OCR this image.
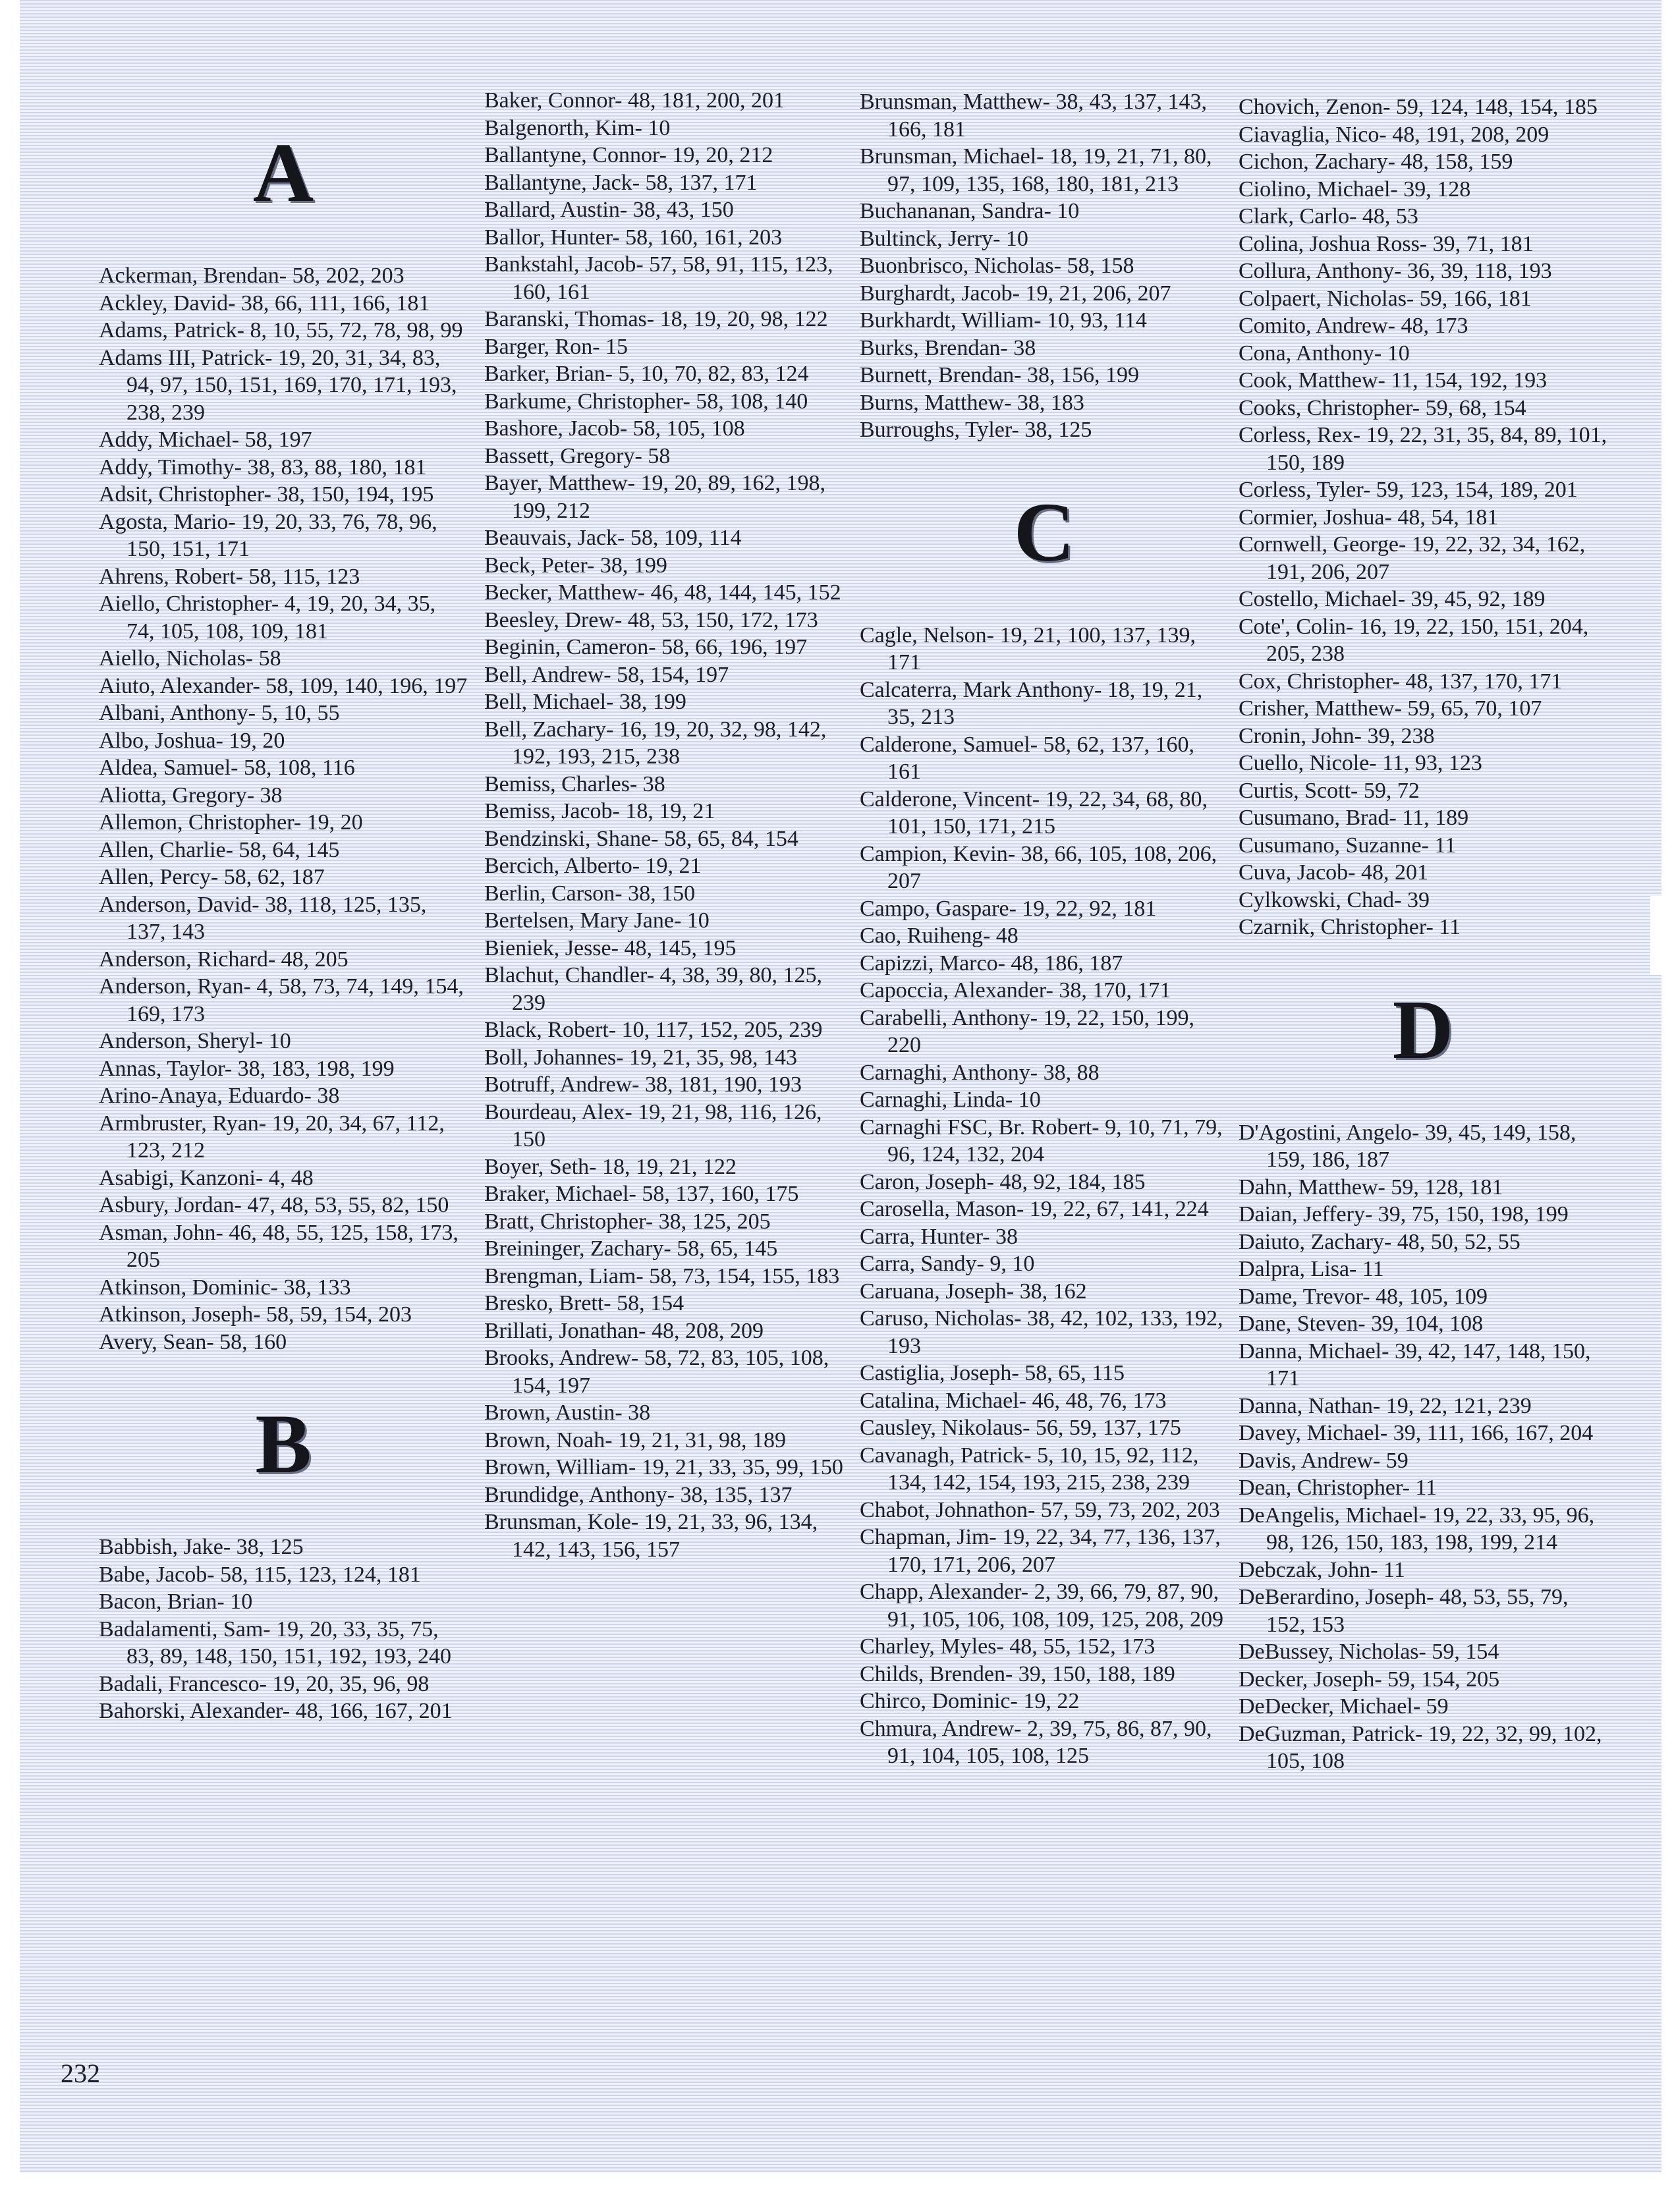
A
Ackerman, Brendan- 58, 202, 203
Ackley, David- 38, 66, 111, 166, 181
Adams, Patrick- 8, 10, 55, 72, 78, 98, 99
Adams III, Patrick- 19, 20, 31, 34, 83, 94, 97, 150, 151, 169, 170, 171, 193, 238, 239
Addy, Michael- 58, 197
Addy, Timothy- 38, 83, 88, 180, 181
Adsit, Christopher- 38, 150, 194, 195
Agosta, Mario- 19, 20, 33, 76, 78, 96, 150, 151, 171
Ahrens, Robert- 58, 115, 123
Aiello, Christopher- 4, 19, 20, 34, 35, 74, 105, 108, 109, 181
Aiello, Nicholas- 58
Aiuto, Alexander- 58, 109, 140, 196, 197
Albani, Anthony- 5, 10, 55
Albo, Joshua- 19, 20
Aldea, Samuel- 58, 108, 116
Aliotta, Gregory- 38
Allemon, Christopher- 19, 20
Allen, Charlie- 58, 64, 145
Allen, Percy- 58, 62, 187
Anderson, David- 38, 118, 125, 135, 137, 143
Anderson, Richard- 48, 205
Anderson, Ryan- 4, 58, 73, 74, 149, 154, 169, 173
Anderson, Sheryl- 10
Annas, Taylor- 38, 183, 198, 199
Arino-Anaya, Eduardo- 38
Armbruster, Ryan- 19, 20, 34, 67, 112, 123, 212
Asabigi, Kanzoni- 4, 48
Asbury, Jordan- 47, 48, 53, 55, 82, 150
Asman, John- 46, 48, 55, 125, 158, 173, 205
Atkinson, Dominic- 38, 133
Atkinson, Joseph- 58, 59, 154, 203
Avery, Sean- 58, 160
B
Babbish, Jake- 38, 125
Babe, Jacob- 58, 115, 123, 124, 181
Bacon, Brian- 10
Badalamenti, Sam- 19, 20, 33, 35, 75, 83, 89, 148, 150, 151, 192, 193, 240
Badali, Francesco- 19, 20, 35, 96, 98
Bahorski, Alexander- 48, 166, 167, 201
Baker, Connor- 48, 181, 200, 201
Balgenorth, Kim- 10
Ballantyne, Connor- 19, 20, 212
Ballantyne, Jack- 58, 137, 171
Ballard, Austin- 38, 43, 150
Ballor, Hunter- 58, 160, 161, 203
Bankstahl, Jacob- 57, 58, 91, 115, 123, 160, 161
Baranski, Thomas- 18, 19, 20, 98, 122
Barger, Ron- 15
Barker, Brian- 5, 10, 70, 82, 83, 124
Barkume, Christopher- 58, 108, 140
Bashore, Jacob- 58, 105, 108
Bassett, Gregory- 58
Bayer, Matthew- 19, 20, 89, 162, 198, 199, 212
Beauvais, Jack- 58, 109, 114
Beck, Peter- 38, 199
Becker, Matthew- 46, 48, 144, 145, 152
Beesley, Drew- 48, 53, 150, 172, 173
Beginin, Cameron- 58, 66, 196, 197
Bell, Andrew- 58, 154, 197
Bell, Michael- 38, 199
Bell, Zachary- 16, 19, 20, 32, 98, 142, 192, 193, 215, 238
Bemiss, Charles- 38
Bemiss, Jacob- 18, 19, 21
Bendzinski, Shane- 58, 65, 84, 154
Bercich, Alberto- 19, 21
Berlin, Carson- 38, 150
Bertelsen, Mary Jane- 10
Bieniek, Jesse- 48, 145, 195
Blachut, Chandler- 4, 38, 39, 80, 125, 239
Black, Robert- 10, 117, 152, 205, 239
Boll, Johannes- 19, 21, 35, 98, 143
Botruff, Andrew- 38, 181, 190, 193
Bourdeau, Alex- 19, 21, 98, 116, 126, 150
Boyer, Seth- 18, 19, 21, 122
Braker, Michael- 58, 137, 160, 175
Bratt, Christopher- 38, 125, 205
Breininger, Zachary- 58, 65, 145
Brengman, Liam- 58, 73, 154, 155, 183
Bresko, Brett- 58, 154
Brillati, Jonathan- 48, 208, 209
Brooks, Andrew- 58, 72, 83, 105, 108, 154, 197
Brown, Austin- 38
Brown, Noah- 19, 21, 31, 98, 189
Brown, William- 19, 21, 33, 35, 99, 150
Brundidge, Anthony- 38, 135, 137
Brunsman, Kole- 19, 21, 33, 96, 134, 142, 143, 156, 157
Brunsman, Matthew- 38, 43, 137, 143, 166, 181
Brunsman, Michael- 18, 19, 21, 71, 80, 97, 109, 135, 168, 180, 181, 213
Buchananan, Sandra- 10
Bultinck, Jerry- 10
Buonbrisco, Nicholas- 58, 158
Burghardt, Jacob- 19, 21, 206, 207
Burkhardt, William- 10, 93, 114
Burks, Brendan- 38
Burnett, Brendan- 38, 156, 199
Burns, Matthew- 38, 183
Burroughs, Tyler- 38, 125
C
Cagle, Nelson- 19, 21, 100, 137, 139, 171
Calcaterra, Mark Anthony- 18, 19, 21, 35, 213
Calderone, Samuel- 58, 62, 137, 160, 161
Calderone, Vincent- 19, 22, 34, 68, 80, 101, 150, 171, 215
Campion, Kevin- 38, 66, 105, 108, 206, 207
Campo, Gaspare- 19, 22, 92, 181
Cao, Ruiheng- 48
Capizzi, Marco- 48, 186, 187
Capoccia, Alexander- 38, 170, 171
Carabelli, Anthony- 19, 22, 150, 199, 220
Carnaghi, Anthony- 38, 88
Carnaghi, Linda- 10
Carnaghi FSC, Br. Robert- 9, 10, 71, 79, 96, 124, 132, 204
Caron, Joseph- 48, 92, 184, 185
Carosella, Mason- 19, 22, 67, 141, 224
Carra, Hunter- 38
Carra, Sandy- 9, 10
Caruana, Joseph- 38, 162
Caruso, Nicholas- 38, 42, 102, 133, 192, 193
Castiglia, Joseph- 58, 65, 115
Catalina, Michael- 46, 48, 76, 173
Causley, Nikolaus- 56, 59, 137, 175
Cavanagh, Patrick- 5, 10, 15, 92, 112, 134, 142, 154, 193, 215, 238, 239
Chabot, Johnathon- 57, 59, 73, 202, 203
Chapman, Jim- 19, 22, 34, 77, 136, 137, 170, 171, 206, 207
Chapp, Alexander- 2, 39, 66, 79, 87, 90, 91, 105, 106, 108, 109, 125, 208, 209
Charley, Myles- 48, 55, 152, 173
Childs, Brenden- 39, 150, 188, 189
Chirco, Dominic- 19, 22
Chmura, Andrew- 2, 39, 75, 86, 87, 90, 91, 104, 105, 108, 125
Chovich, Zenon- 59, 124, 148, 154, 185
Ciavaglia, Nico- 48, 191, 208, 209
Cichon, Zachary- 48, 158, 159
Ciolino, Michael- 39, 128
Clark, Carlo- 48, 53
Colina, Joshua Ross- 39, 71, 181
Collura, Anthony- 36, 39, 118, 193
Colpaert, Nicholas- 59, 166, 181
Comito, Andrew- 48, 173
Cona, Anthony- 10
Cook, Matthew- 11, 154, 192, 193
Cooks, Christopher- 59, 68, 154
Corless, Rex- 19, 22, 31, 35, 84, 89, 101, 150, 189
Corless, Tyler- 59, 123, 154, 189, 201
Cormier, Joshua- 48, 54, 181
Cornwell, George- 19, 22, 32, 34, 162, 191, 206, 207
Costello, Michael- 39, 45, 92, 189
Cote', Colin- 16, 19, 22, 150, 151, 204, 205, 238
Cox, Christopher- 48, 137, 170, 171
Crisher, Matthew- 59, 65, 70, 107
Cronin, John- 39, 238
Cuello, Nicole- 11, 93, 123
Curtis, Scott- 59, 72
Cusumano, Brad- 11, 189
Cusumano, Suzanne- 11
Cuva, Jacob- 48, 201
Cylkowski, Chad- 39
Czarnik, Christopher- 11
D
D'Agostini, Angelo- 39, 45, 149, 158, 159, 186, 187
Dahn, Matthew- 59, 128, 181
Daian, Jeffery- 39, 75, 150, 198, 199
Daiuto, Zachary- 48, 50, 52, 55
Dalpra, Lisa- 11
Dame, Trevor- 48, 105, 109
Dane, Steven- 39, 104, 108
Danna, Michael- 39, 42, 147, 148, 150, 171
Danna, Nathan- 19, 22, 121, 239
Davey, Michael- 39, 111, 166, 167, 204
Davis, Andrew- 59
Dean, Christopher- 11
DeAngelis, Michael- 19, 22, 33, 95, 96, 98, 126, 150, 183, 198, 199, 214
Debczak, John- 11
DeBerardino, Joseph- 48, 53, 55, 79, 152, 153
DeBussey, Nicholas- 59, 154
Decker, Joseph- 59, 154, 205
DeDecker, Michael- 59
DeGuzman, Patrick- 19, 22, 32, 99, 102, 105, 108
232
